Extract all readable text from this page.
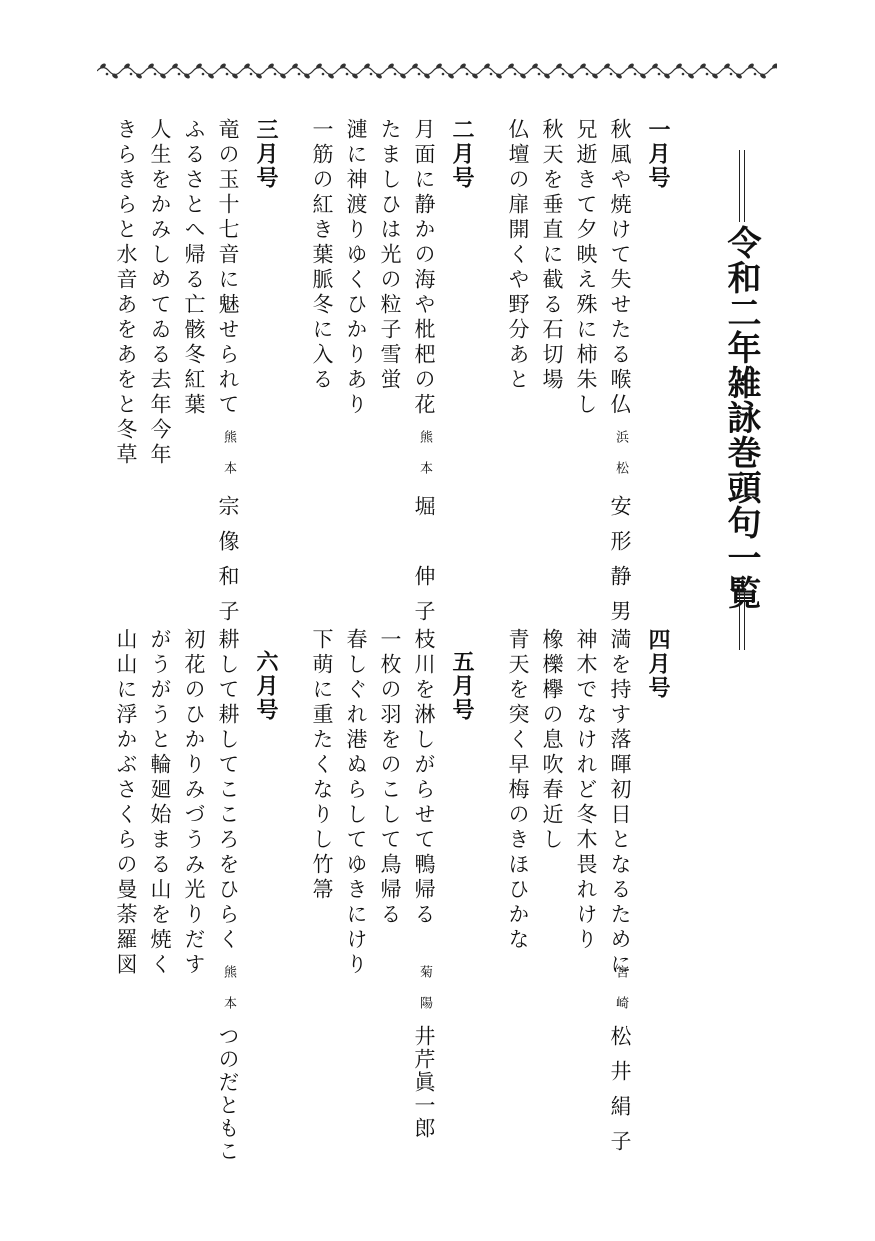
令和二年雑詠巻頭句一覧
一月号
秋風や焼けて失せたる喉仏
兄逝きて夕映え殊に柿朱し
秋天を垂直に截る石切場
仏壇の扉開くや野分あと
浜松
安形静男
二月号
月面に静かの海や枇杷の花
たましひは光の粒子雪蛍
漣に神渡りゆくひかりあり
一筋の紅き葉脈冬に入る
熊本
堀　伸子
三月号
竜の玉十七音に魅せられて
ふるさとへ帰る亡骸冬紅葉
人生をかみしめてゐる去年今年
きらきらと水音あをあをと冬草	熊本
宗像和子
四月号
満を持す落暉初日となるために
神木でなけれど冬木畏れけり
橡櫟欅の息吹春近し
青天を突く早梅のきほひかな
宮崎
松井絹子
五月号
枝川を淋しがらせて鴨帰る
一枚の羽をのこして鳥帰る
春しぐれ港ぬらしてゆきにけり
下萌に重たくなりし竹箒
菊陽
井芹眞一郎
六月号
耕して耕してこころをひらく
初花のひかりみづうみ光りだす
がうがうと輪廻始まる山を焼く
山山に浮かぶさくらの曼荼羅図
熊本
つのだともこ
